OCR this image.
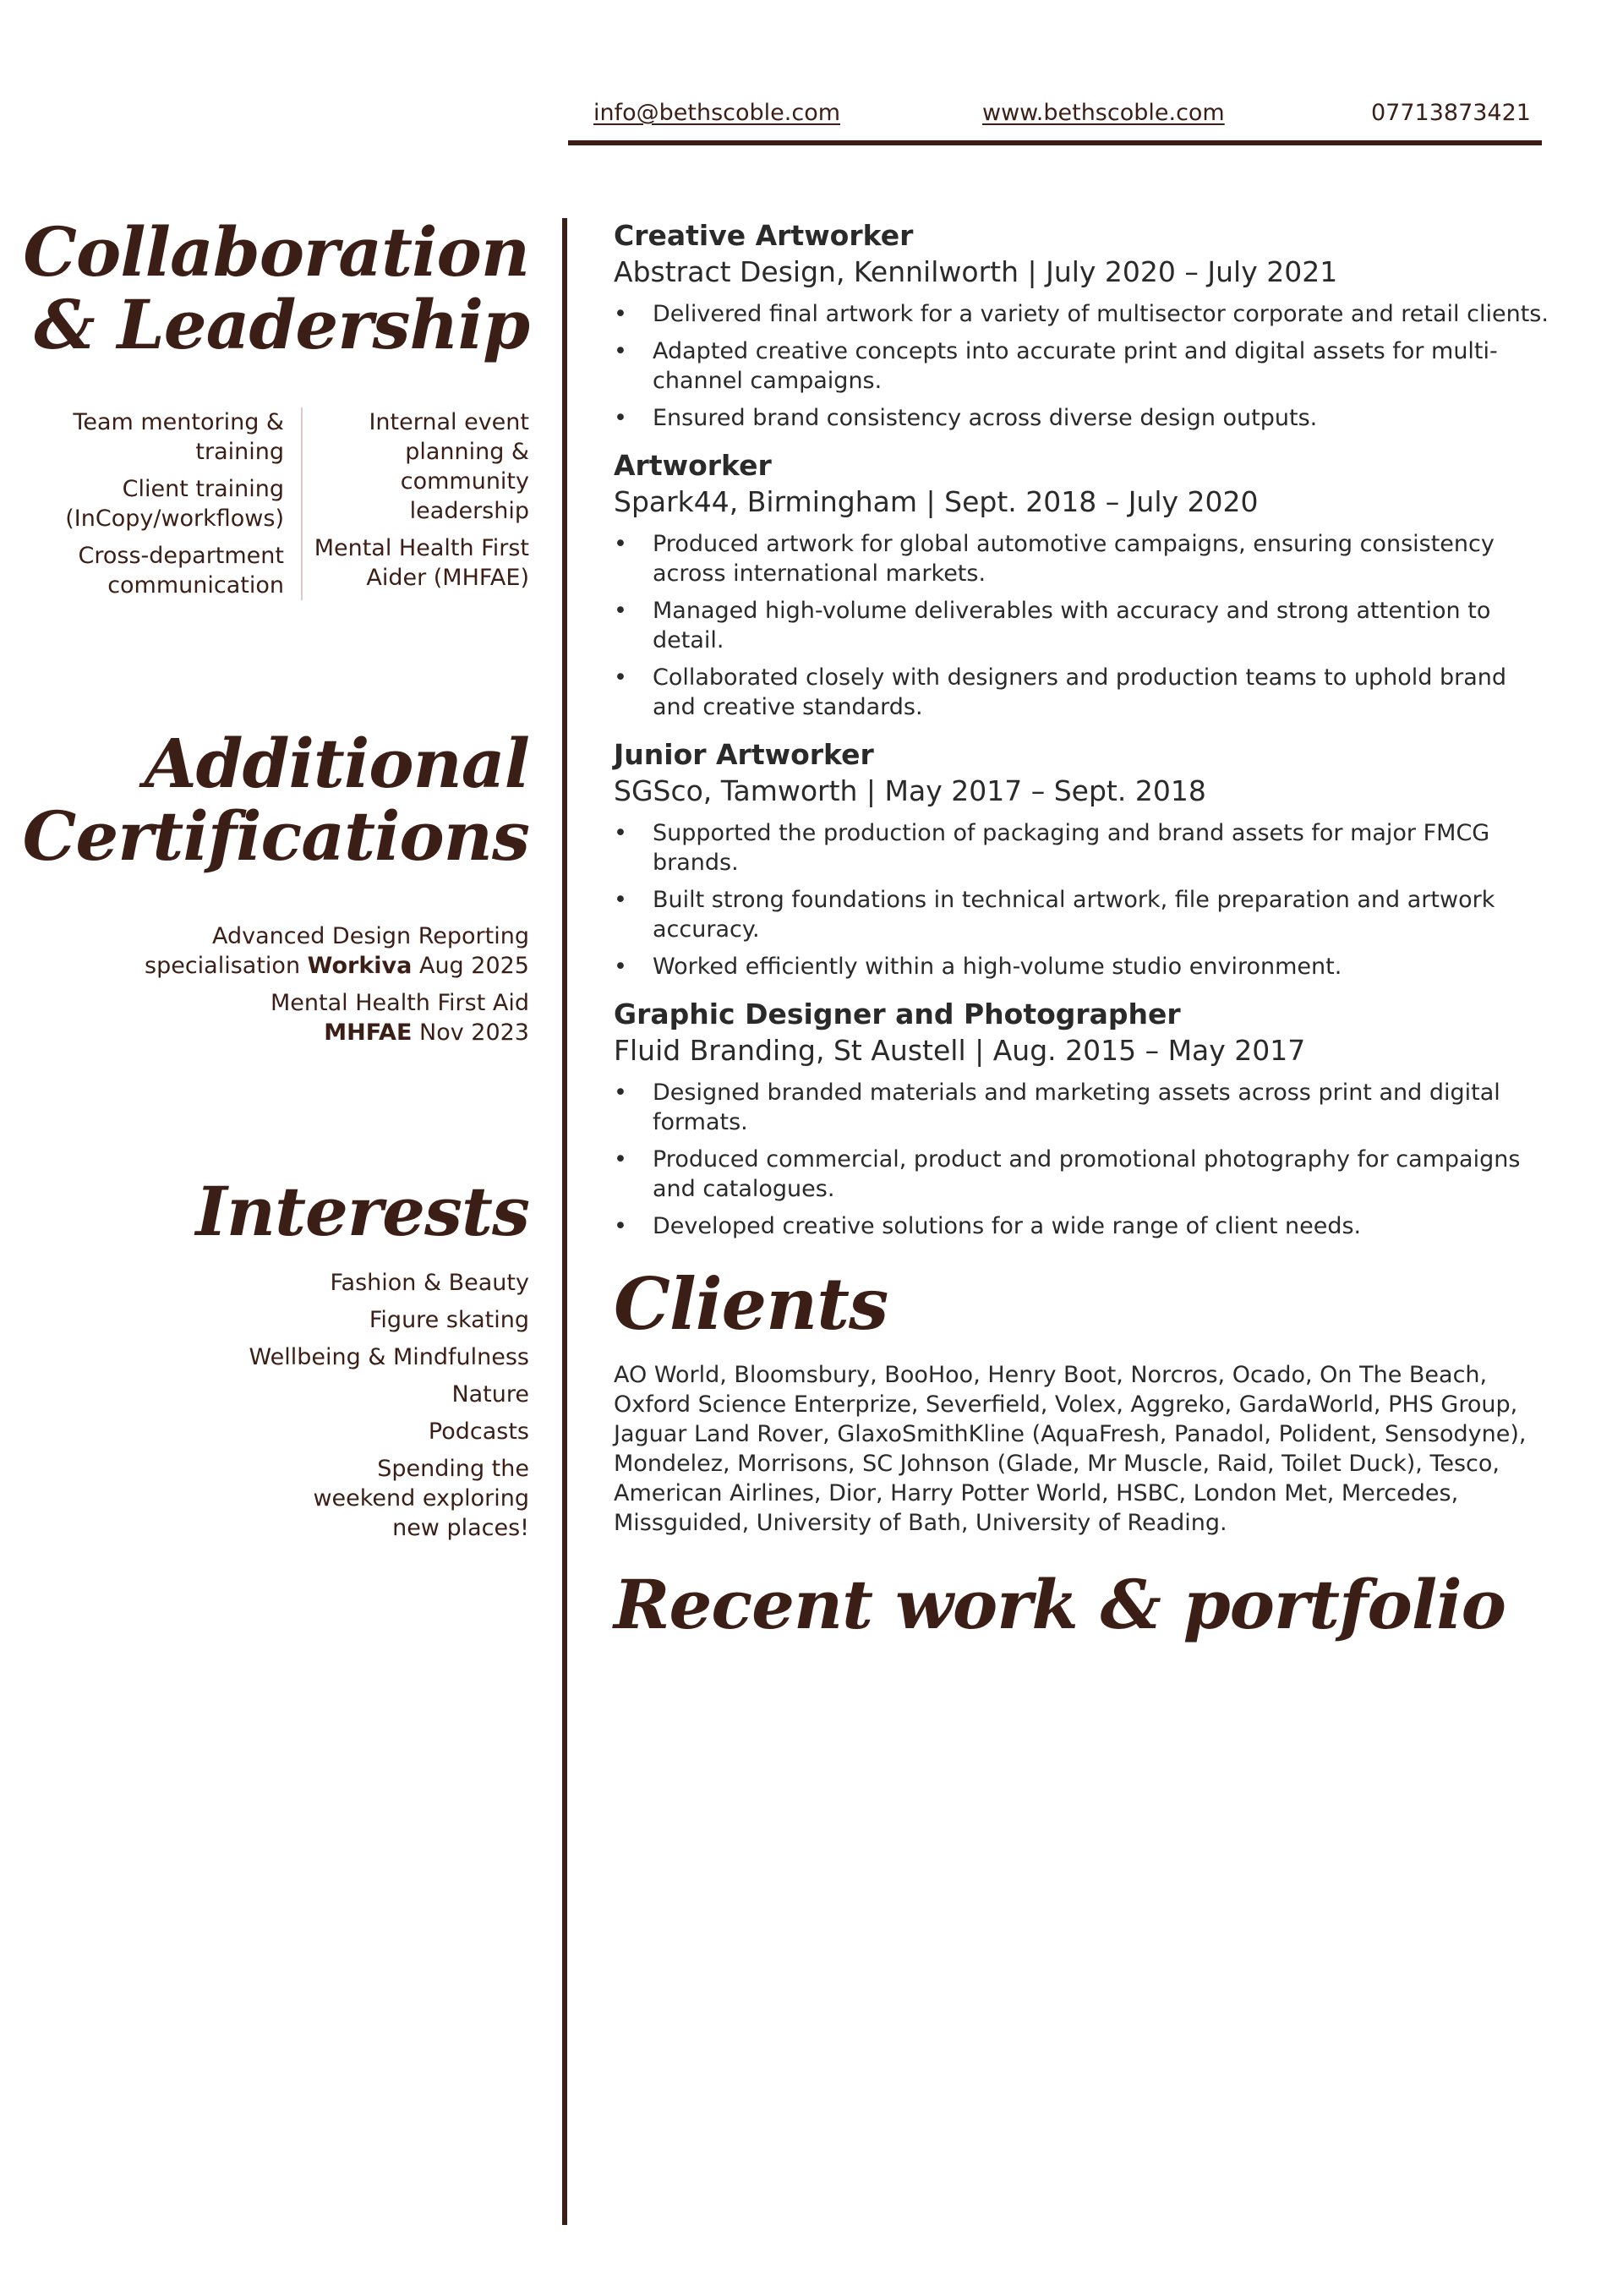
info@bethscoble.com	www.bethscoble.com	07713873421
Collaboration
& Leadership
Team mentoring & training
Client training (InCopy/workflows)
Cross-department communication
Internal event planning & community leadership
Mental Health First Aider (MHFAE)
Additional
Certifications
Advanced Design Reporting specialisation Workiva Aug 2025
Mental Health First Aid
MHFAE Nov 2023
Interests
Fashion & Beauty
Figure skating
Wellbeing & Mindfulness
Nature
Podcasts
Spending the weekend exploring new places!
Creative Artworker
Abstract Design, Kennilworth | July 2020 – July 2021
• Delivered final artwork for a variety of multisector corporate and retail clients.
• Adapted creative concepts into accurate print and digital assets for multi-channel campaigns.
• Ensured brand consistency across diverse design outputs.
Artworker
Spark44, Birmingham | Sept. 2018 – July 2020
• Produced artwork for global automotive campaigns, ensuring consistency across international markets.
• Managed high-volume deliverables with accuracy and strong attention to detail.
• Collaborated closely with designers and production teams to uphold brand and creative standards.
Junior Artworker
SGSco, Tamworth | May 2017 – Sept. 2018
• Supported the production of packaging and brand assets for major FMCG brands.
• Built strong foundations in technical artwork, file preparation and artwork accuracy.
• Worked efficiently within a high-volume studio environment.
Graphic Designer and Photographer
Fluid Branding, St Austell | Aug. 2015 – May 2017
• Designed branded materials and marketing assets across print and digital formats.
• Produced commercial, product and promotional photography for campaigns and catalogues.
• Developed creative solutions for a wide range of client needs.
Clients
AO World, Bloomsbury, BooHoo, Henry Boot, Norcros, Ocado, On The Beach, Oxford Science Enterprize, Severfield, Volex, Aggreko, GardaWorld, PHS Group, Jaguar Land Rover, GlaxoSmithKline (AquaFresh, Panadol, Polident, Sensodyne), Mondelez, Morrisons, SC Johnson (Glade, Mr Muscle, Raid, Toilet Duck), Tesco, American Airlines, Dior, Harry Potter World, HSBC, London Met, Mercedes, Missguided, University of Bath, University of Reading.
Recent work & portfolio
